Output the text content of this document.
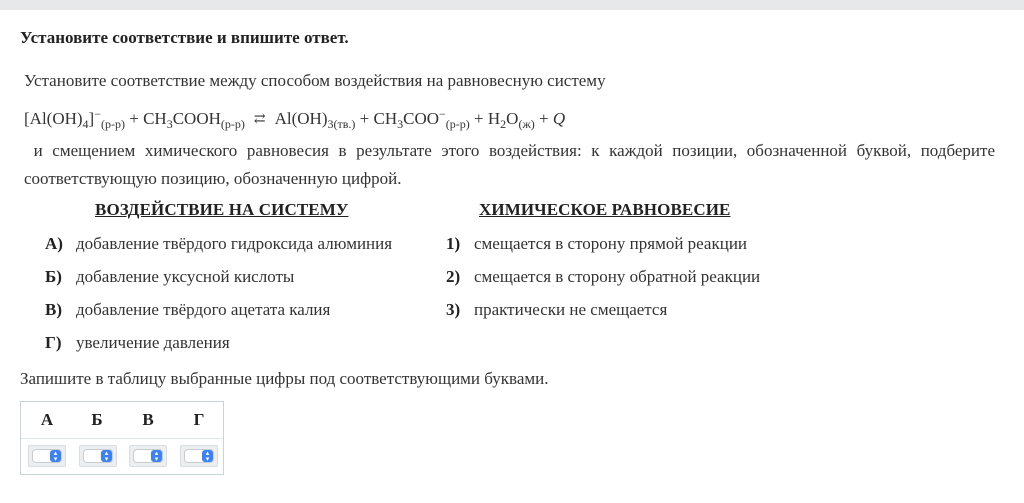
Установите соответствие и впишите ответ.
Установите соответствие между способом воздействия на равновесную систему
$[Al(OH)_4]^-_{(р-р)}$ + $CH_3COOH_{(р-р)}$ ⇄ $Al(OH)_{3(тв.)} + CH_3COO^-_{(р-р)} + H_2O_{(ж)} + Q$
и смещением химического равновесия в результате этого воздействия: к каждой позиции, обозначенной буквой, подберите соответствующую позицию, обозначенную цифрой.
ВОЗДЕЙСТВИЕ НА СИСТЕМУ	ХИМИЧЕСКОЕ РАВНОВЕСИЕ
А) добавление твёрдого гидроксида алюминия
Б) добавление уксусной кислоты
В) добавление твёрдого ацетата калия
Г) увеличение давления
1) смещается в сторону прямой реакции
2) смещается в сторону обратной реакции
3) практически не смещается
Запишите в таблицу выбранные цифры под соответствующими буквами.
А	Б	В	Г
▴
▾
▴
▾
▴
▾
▴
▾
